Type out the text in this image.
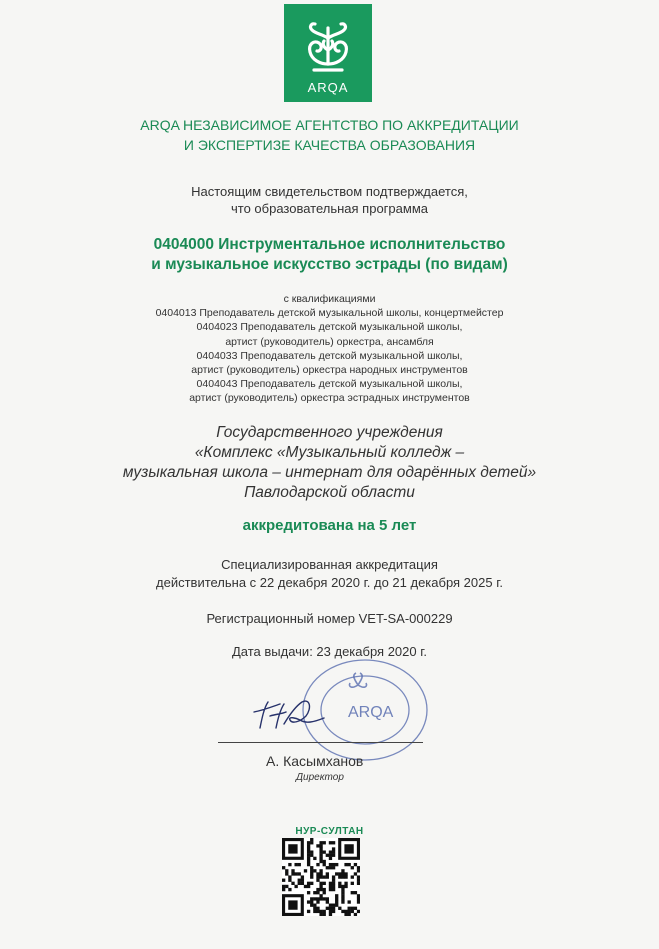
ARQA
ARQA НЕЗАВИСИМОЕ АГЕНТСТВО ПО АККРЕДИТАЦИИ
И ЭКСПЕРТИЗЕ КАЧЕСТВА ОБРАЗОВАНИЯ
Настоящим свидетельством подтверждается,
что образовательная программа
0404000 Инструментальное исполнительство
и музыкальное искусство эстрады (по видам)
с квалификациями
0404013 Преподаватель детской музыкальной школы, концертмейстер
0404023 Преподаватель детской музыкальной школы,
артист (руководитель) оркестра, ансамбля
0404033 Преподаватель детской музыкальной школы,
артист (руководитель) оркестра народных инструментов
0404043 Преподаватель детской музыкальной школы,
артист (руководитель) оркестра эстрадных инструментов
Государственного учреждения
«Комплекс «Музыкальный колледж –
музыкальная школа – интернат для одарённых детей»
Павлодарской области
аккредитована на 5 лет
Специализированная аккредитация
действительна с 22 декабря 2020 г. до 21 декабря 2025 г.
Регистрационный номер VET-SA-000229
Дата выдачи: 23 декабря 2020 г.
ARQA
А. Касымханов
Директор
НУР-СУЛТАН
